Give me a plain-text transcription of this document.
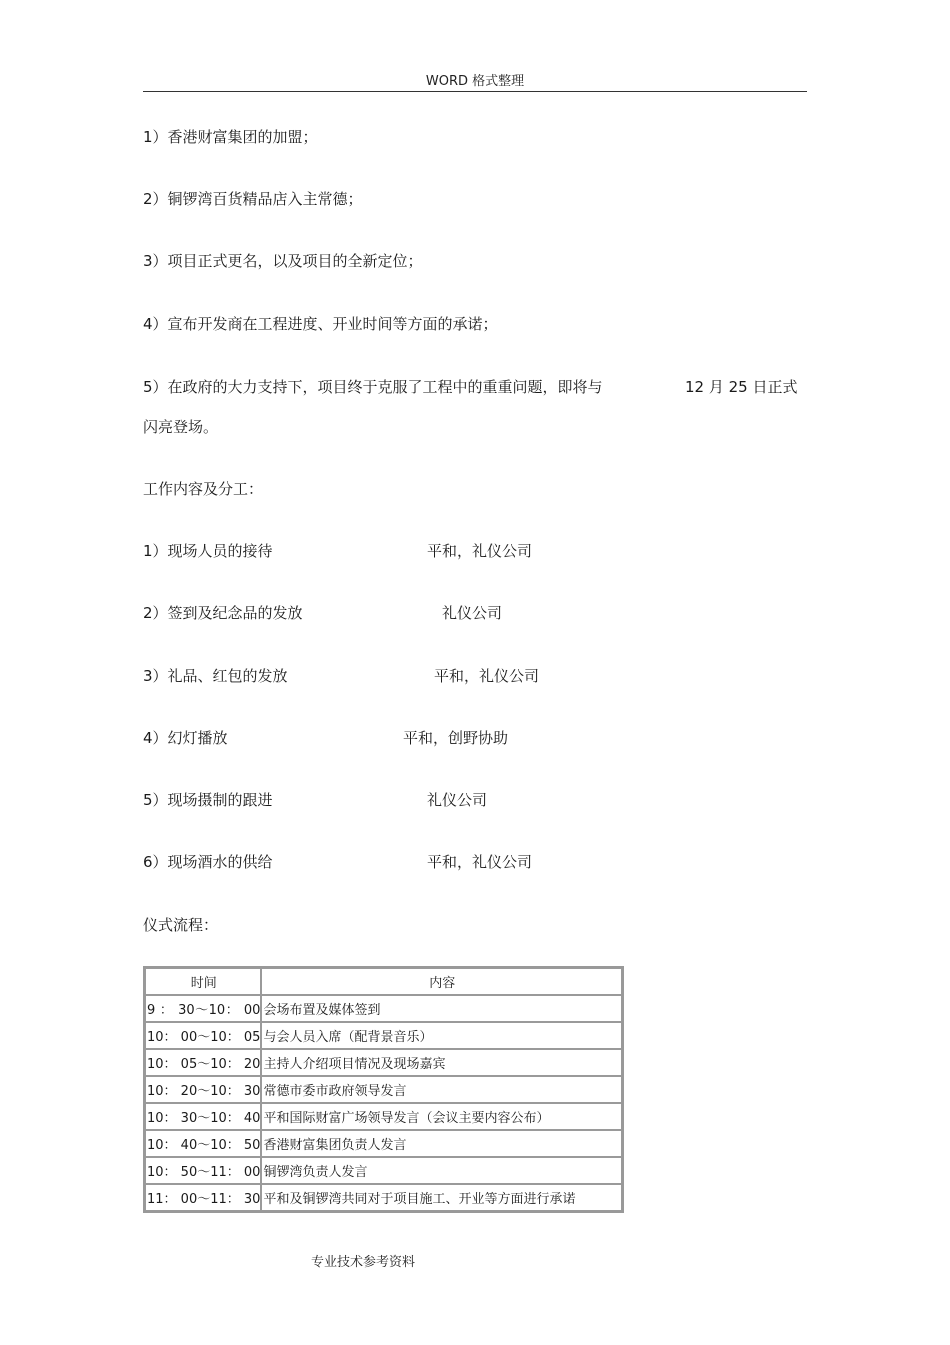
WORD 格式整理
1）香港财富集团的加盟；
2）铜锣湾百货精品店入主常德；
3）项目正式更名，以及项目的全新定位；
4）宣布开发商在工程进度、开业时间等方面的承诺；
5）在政府的大力支持下，项目终于克服了工程中的重重问题，即将与	12 月 25 日正式
闪亮登场。
工作内容及分工：
1）现场人员的接待	平和，礼仪公司
2）签到及纪念品的发放	礼仪公司
3）礼品、红包的发放	平和，礼仪公司
4）幻灯播放	平和，创野协助
5）现场摄制的跟进	礼仪公司
6）现场酒水的供给	平和，礼仪公司
仪式流程：
时间	内容
9 ： 30～10： 00	会场布置及媒体签到
10： 00～10： 05	与会人员入席（配背景音乐）
10： 05～10： 20	主持人介绍项目情况及现场嘉宾
10： 20～10： 30	常德市委市政府领导发言
10： 30～10： 40	平和国际财富广场领导发言（会议主要内容公布）
10： 40～10： 50	香港财富集团负责人发言
10： 50～11： 00	铜锣湾负责人发言
11： 00～11： 30	平和及铜锣湾共同对于项目施工、开业等方面进行承诺
专业技术参考资料
